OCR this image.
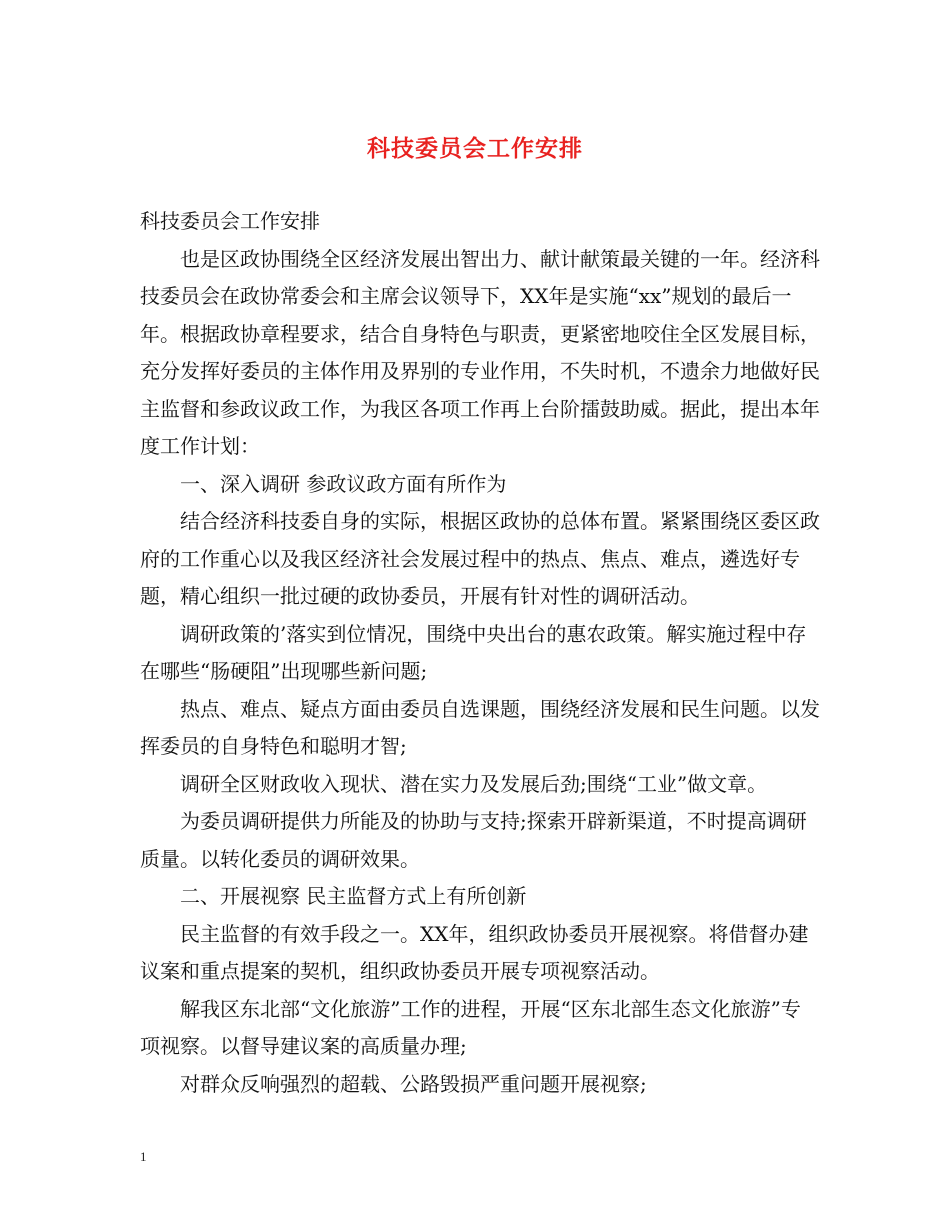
科技委员会工作安排

科技委员会工作安排

也是区政协围绕全区经济发展出智出力、献计献策最关键的一年。经济科技委员会在政协常委会和主席会议领导下，XX年是实施“xx”规划的最后一年。根据政协章程要求，结合自身特色与职责，更紧密地咬住全区发展目标，充分发挥好委员的主体作用及界别的专业作用，不失时机，不遗余力地做好民主监督和参政议政工作，为我区各项工作再上台阶擂鼓助威。据此，提出本年度工作计划：

一、深入调研 参政议政方面有所作为

结合经济科技委自身的实际，根据区政协的总体布置。紧紧围绕区委区政府的工作重心以及我区经济社会发展过程中的热点、焦点、难点，遴选好专题，精心组织一批过硬的政协委员，开展有针对性的调研活动。

调研政策的’落实到位情况，围绕中央出台的惠农政策。解实施过程中存在哪些“肠硬阻”出现哪些新问题;

热点、难点、疑点方面由委员自选课题，围绕经济发展和民生问题。以发挥委员的自身特色和聪明才智;

调研全区财政收入现状、潜在实力及发展后劲;围绕“工业”做文章。

为委员调研提供力所能及的协助与支持;探索开辟新渠道，不时提高调研质量。以转化委员的调研效果。

二、开展视察 民主监督方式上有所创新

民主监督的有效手段之一。XX年，组织政协委员开展视察。将借督办建议案和重点提案的契机，组织政协委员开展专项视察活动。

解我区东北部“文化旅游”工作的进程，开展“区东北部生态文化旅游”专项视察。以督导建议案的高质量办理;

对群众反响强烈的超载、公路毁损严重问题开展视察;

1
